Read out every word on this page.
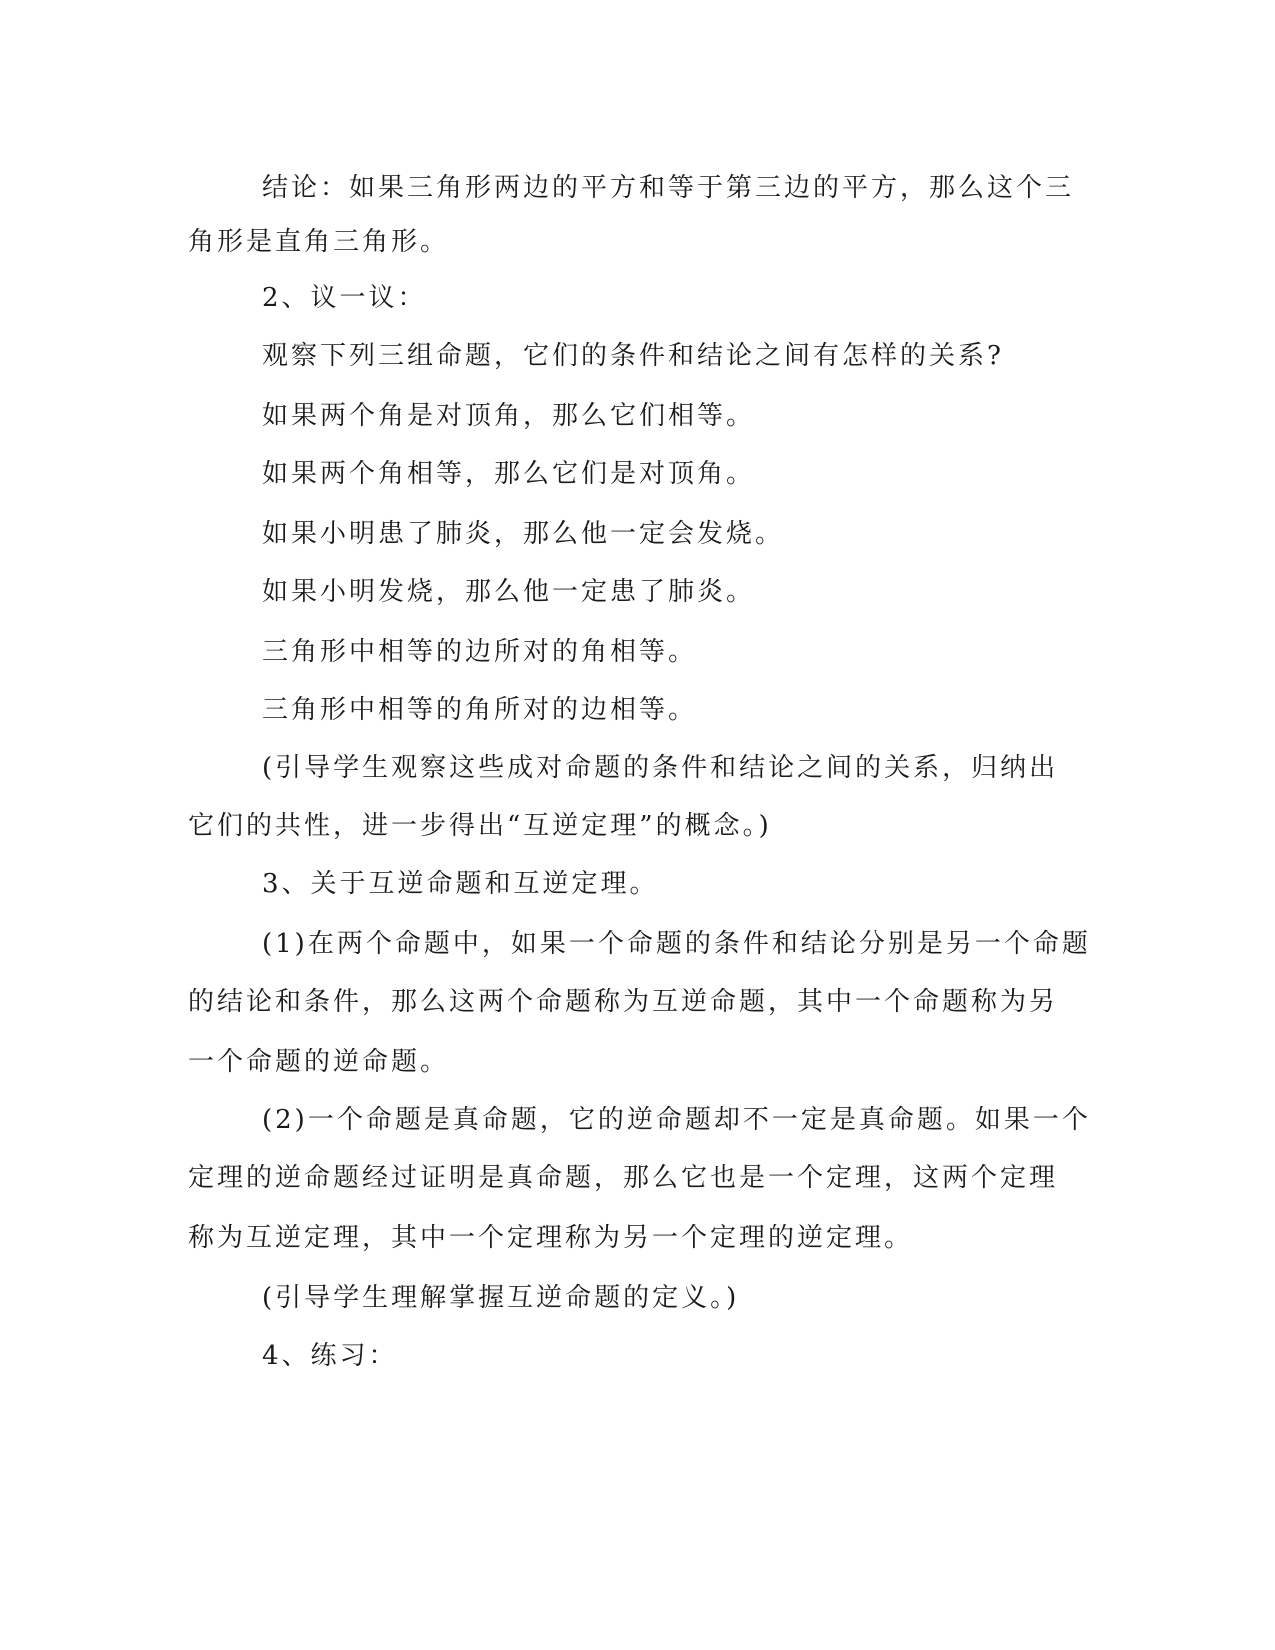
结论：如果三角形两边的平方和等于第三边的平方，那么这个三
角形是直角三角形。
2、议一议：
观察下列三组命题，它们的条件和结论之间有怎样的关系?
如果两个角是对顶角，那么它们相等。
如果两个角相等，那么它们是对顶角。
如果小明患了肺炎，那么他一定会发烧。
如果小明发烧，那么他一定患了肺炎。
三角形中相等的边所对的角相等。
三角形中相等的角所对的边相等。
(引导学生观察这些成对命题的条件和结论之间的关系，归纳出
它们的共性，进一步得出“互逆定理”的概念。)
3、关于互逆命题和互逆定理。
(1)在两个命题中，如果一个命题的条件和结论分别是另一个命题
的结论和条件，那么这两个命题称为互逆命题，其中一个命题称为另
一个命题的逆命题。
(2)一个命题是真命题，它的逆命题却不一定是真命题。如果一个
定理的逆命题经过证明是真命题，那么它也是一个定理，这两个定理
称为互逆定理，其中一个定理称为另一个定理的逆定理。
(引导学生理解掌握互逆命题的定义。)
4、练习：
